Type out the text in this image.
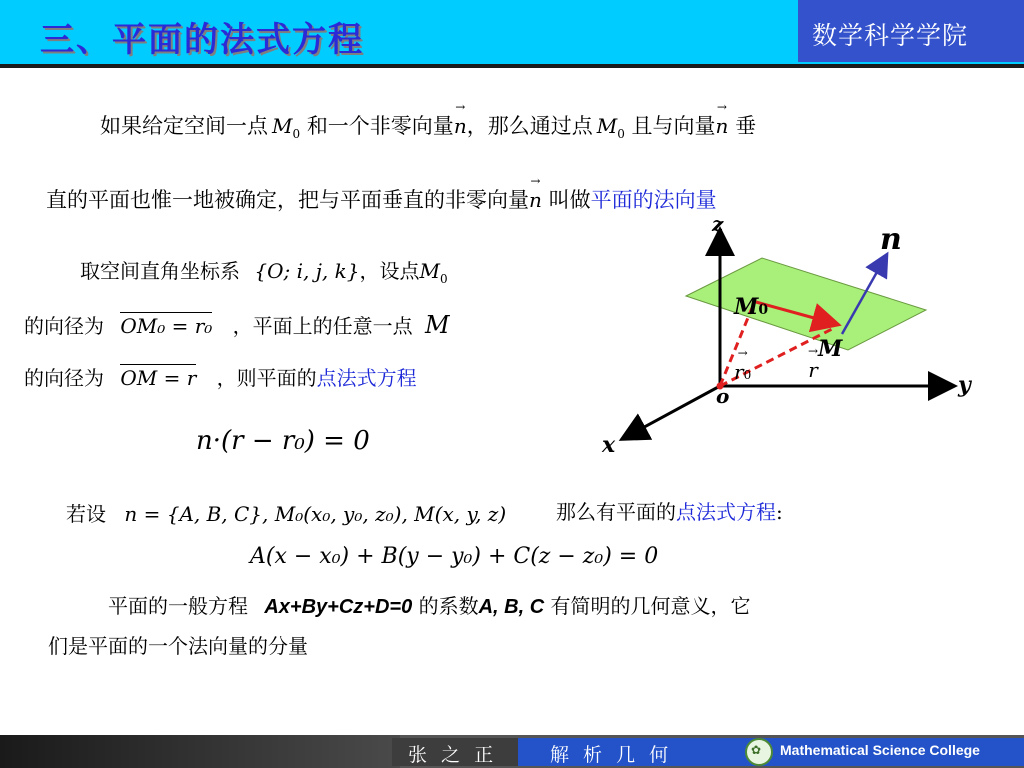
三、平面的法式方程	数学科学学院
如果给定空间一点 $M_0$ 和一个非零向量→ n，那么通过点 $M_0$ 且与向量→ n 垂
直的平面也惟一地被确定，把与平面垂直的非零向量→ n 叫做平面的法向量
取空间直角坐标系 {O; i, j, k}，设点$M_0$
的向径为 OM₀ = r₀ ，平面上的任意一点 M
的向径为 OM = r ，则平面的点法式方程
n·(r − r₀) = 0
若设 n = {A, B, C}, M₀(x₀, y₀, z₀), M(x, y, z) 那么有平面的点法式方程:
A(x − x₀) + B(y − y₀) + C(z − z₀) = 0
平面的一般方程 Ax+By+Cz+D=0 的系数A, B, C 有简明的几何意义，它
们是平面的一个法向量的分量
z
y
x
o
n
M0
M
→ r0 →	r
张 之 正	解 析 几 何	✿ Mathematical Science College
